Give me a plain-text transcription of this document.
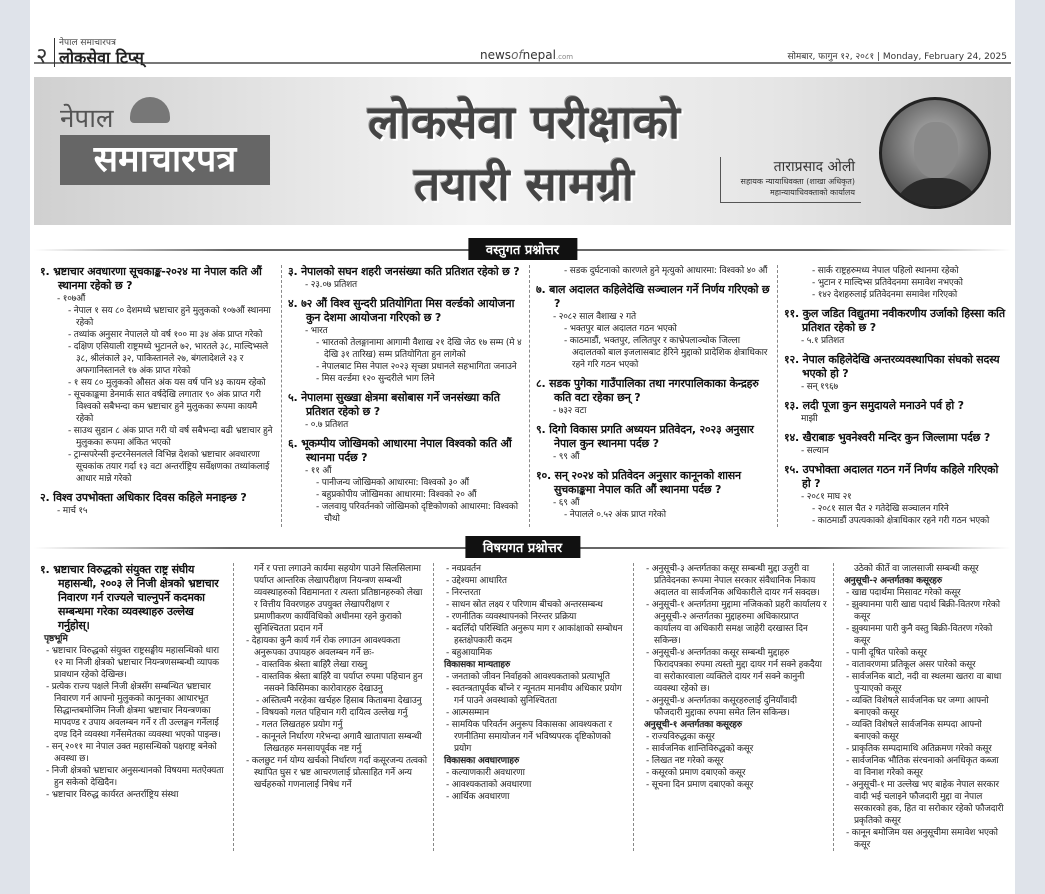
२
नेपाल समाचारपत्र
लोकसेवा टिप्स्	newsofnepal.com	सोमबार, फागुन १२, २०८१ | Monday, February 24, 2025
नेपाल
समाचारपत्र
लोकसेवा परीक्षाको
तयारी सामग्री	ताराप्रसाद ओली
सहायक न्यायाधिवक्ता (शाखा अधिकृत)
महान्यायाधिवक्ताको कार्यालय
वस्तुगत प्रश्नोत्तर
१. भ्रष्टाचार अवधारणा सूचकाङ्क-२०२४ मा नेपाल कति औं स्थानमा रहेको छ ?
- १०७औं
- नेपाल १ सय ८० देशमध्ये भ्रष्टाचार हुने मुलुकको १०७औं स्थानमा रहेको
- तथ्यांक अनुसार नेपालले यो वर्ष १०० मा ३४ अंक प्राप्त गरेको
- दक्षिण एसियाली राष्ट्रमध्ये भुटानले ७२, भारतले ३८, माल्दिभ्सले ३८, श्रीलंकाले ३२, पाकिस्तानले २७, बंगलादेशले २३ र अफगानिस्तानले १७ अंक प्राप्त गरेको
- १ सय ८० मुलुकको औसत अंक यस वर्ष पनि ४३ कायम रहेको
- सूचकाङ्कमा डेनमार्क सात वर्षदेखि लगातार ९० अंक प्राप्त गरी विश्वको सबैभन्दा कम भ्रष्टाचार हुने मुलुकका रूपमा कायमै रहेको
- साउथ सुडान ८ अंक प्राप्त गरी यो वर्ष सबैभन्दा बढी भ्रष्टाचार हुने मुलुकका रूपमा अंकित भएको
- ट्रान्सपरेन्सी इन्टरनेसनलले विभिन्न देशको भ्रष्टाचार अवधारणा सूचकांक तयार गर्दा १३ वटा अन्तर्राष्ट्रिय सर्वेक्षणका तथ्यांकलाई आधार मान्ने गरेको
२. विश्व उपभोक्ता अधिकार दिवस कहिले मनाइन्छ ?
- मार्च १५
३. नेपालको सघन शहरी जनसंख्या कति प्रतिशत रहेको छ ?
- २३.०७ प्रतिशत
४. ७२ औं विश्व सुन्दरी प्रतियोगिता मिस वर्ल्डको आयोजना कुन देशमा आयोजना गरिएको छ ?
- भारत
- भारतको तेलङ्गानामा आगामी वैशाख २१ देखि जेठ १७ सम्म (मे ४ देखि ३१ तारिख) सम्म प्रतियोगिता हुन लागेको
- नेपालबाट मिस नेपाल २०२३ सृच्छा प्रधानले सहभागिता जनाउने
- मिस वर्ल्डमा १२० सुन्दरीले भाग लिने
५. नेपालमा सुख्खा क्षेत्रमा बसोबास गर्ने जनसंख्या कति प्रतिशत रहेको छ ?
- ०.७ प्रतिशत
६. भूकम्पीय जोखिमको आधारमा नेपाल विश्वको कति औं स्थानमा पर्दछ ?
- ११ औं
- पानीजन्य जोखिमको आधारमा: विश्वको ३० औं
- बहुप्रकोपीय जोखिमका आधारमा: विश्वको २० औं
- जलवायु परिवर्तनको जोखिमको दृष्टिकोणको आधारमा: विश्वको चौथो
- सडक दुर्घटनाको कारणले हुने मृत्युको आधारमा: विश्वको ४० औं
७. बाल अदालत कहिलेदेखि सञ्चालन गर्ने निर्णय गरिएको छ ?
- २०८२ साल वैशाख २ गते
- भक्तपुर बाल अदालत गठन भएको
- काठमाडौं, भक्तपुर, ललितपुर र काभ्रेपलाञ्चोक जिल्ला अदालतको बाल इजलासबाट हेरिने मुद्दाको प्रादेशिक क्षेत्राधिकार रहने गरि गठन भएको
८. सडक पुगेका गाउँपालिका तथा नगरपालिकाका केन्द्रहरु कति वटा रहेका छन् ?
- ७३२ वटा
९. दिगो विकास प्रगति अध्ययन प्रतिवेदन, २०२३ अनुसार नेपाल कुन स्थानमा पर्दछ ?
- ९९ औं
१०. सन् २०२४ को प्रतिवेदन अनुसार कानूनको शासन सुचकाङ्कमा नेपाल कति औं स्थानमा पर्दछ ?
- ६९ औं
- नेपालले ०.५२ अंक प्राप्त गरेको
- सार्क राष्ट्रहरुमध्य नेपाल पहिलो स्थानमा रहेको
- भुटान र माल्दिभ्स प्रतिवेदनमा समावेश नभएको
- १४२ देशहरुलाई प्रतिवेदनमा समावेश गरिएको
११. कुल जडित विद्युतमा नवीकरणीय उर्जाको हिस्सा कति प्रतिशत रहेको छ ?
- ५.१ प्रतिशत
१२. नेपाल कहिलेदेखि अन्तरव्यवस्थापिका संघको सदस्य भएको हो ?
- सन् १९६७
१३. लदी पूजा कुन समुदायले मनाउने पर्व हो ?
माझी
१४. खैराबाङ भुवनेश्वरी मन्दिर कुन जिल्लामा पर्दछ ?
- सल्यान
१५. उपभोक्ता अदालत गठन गर्ने निर्णय कहिले गरिएको हो ?
- २०८१ माघ २१
- २०८१ साल चैत २ गतेदेखि सञ्चालन गरिने
- काठमाडौं उपत्यकाको क्षेत्राधिकार रहने गरी गठन भएको
विषयगत प्रश्नोत्तर
१. भ्रष्टाचार विरुद्धको संयुक्त राष्ट्र संघीय महासन्धी, २००३ ले निजी क्षेत्रको भ्रष्टाचार निवारण गर्न राज्यले चाल्नुपर्ने कदमका सम्बन्धमा गरेका व्यवस्थाहरु उल्लेख गर्नुहोस्।
पृष्ठभूमि
- भ्रष्टाचार विरुद्धको संयुक्त राष्ट्रसङ्घीय महासन्धिको धारा १२ मा निजी क्षेत्रको भ्रष्टाचार नियन्त्रणसम्बन्धी व्यापक प्रावधान रहेको देखिन्छ।
- प्रत्येक राज्य पक्षले निजी क्षेत्रसँग सम्बन्धित भ्रष्टाचार निवारण गर्न आफ्नो मुलुकको कानूनका आधारभूत सिद्धान्तबमोजिम निजी क्षेत्रमा भ्रष्टाचार नियन्त्रणका मापदण्ड र उपाय अवलम्बन गर्ने र ती उल्लङ्घन गर्नेलाई दण्ड दिने व्यवस्था गर्नेसमेतका व्यवस्था भएको पाइन्छ।
- सन् २०११ मा नेपाल उक्त महासन्धिको पक्षराष्ट्र बनेको अवस्था छ।
- निजी क्षेत्रको भ्रष्टाचार अनुसन्धानको विषयमा मतऐक्यता हुन सकेको देखिदैन।
- भ्रष्टाचार विरुद्ध कार्यरत अन्तर्राष्ट्रिय संस्था
गर्ने र पत्ता लगाउने कार्यमा सहयोग पाउने सिलसिलामा पर्याप्त आन्तरिक लेखापरीक्षण नियन्त्रण सम्बन्धी व्यवस्थाहरुको विद्यमानता र त्यस्ता प्रतिष्ठानहरुको लेखा र वित्तीय विवरणहरु उपयुक्त लेखापरीक्षण र प्रमाणीकरण कार्यविधिको अधीनमा रहने कुराको सुनिश्चितता प्रदान गर्ने
- देहायका कुनै कार्य गर्न रोक लगाउन आवश्यकता अनुरूपका उपायहरु अवलम्बन गर्ने छः-
- वास्तविक श्रेस्ता बाहिरै लेखा राख्नु
- वास्तविक श्रेस्ता बाहिरै वा पर्याप्त रुपमा पहिचान हुन नसक्ने किसिमका कारोवारहरु देखाउनु
- अस्तित्वमै नरहेका खर्चहरु हिसाब किताबमा देखाउनु
- विषयको गलत पहिचान गरी दायित्व उल्लेख गर्नु
- गलत लिखतहरु प्रयोग गर्नु
- कानूनले निर्धारण गरेभन्दा अगावै खातापाता सम्बन्धी लिखतहरु मनसायपूर्वक नष्ट गर्नु
- कलछुट गर्न योग्य खर्चको निर्धारण गर्दा कसूरजन्य तत्वको स्थापित घुस र भ्रष्ट आचरणलाई प्रोत्साहित गर्ने अन्य खर्चहरुको गणनालाई निषेध गर्ने
- नवप्रवर्तन
- उद्देश्यमा आधारित
- निरन्तरता
- साधन स्रोत लक्ष्य र परिणाम बीचको अन्तरसम्बन्ध
- रणनीतिक व्यवस्थापनको निरन्तर प्रक्रिया
- बदलिँदो परिस्थिति अनुरूप माग र आकांक्षाको सम्बोधन हस्तक्षेपकारी कदम
- बहुआयामिक
विकासका मान्यताहरु
- जनताको जीवन निर्वाहको आवश्यकताको प्रत्याभूति
- स्वतन्त्रतापूर्वक बाँच्ने र न्यूनतम मानवीय अधिकार प्रयोग गर्न पाउने अवस्थाको सुनिश्चितता
- आत्मसम्मान
- सामयिक परिवर्तन अनुरूप विकासका आवश्यकता र रणनीतिमा समायोजन गर्ने भविष्यपरक दृष्टिकोणको प्रयोग
विकासका अवधारणाहरु
- कल्याणकारी अवधारणा
- आवश्यकताको अवधारणा
- आर्थिक अवधारणा
- अनुसूची-३ अन्तर्गतका कसूर सम्बन्धी मुद्दा उजुरी वा प्रतिवेदनका रूपमा नेपाल सरकार संवैधानिक निकाय अदालत वा सार्वजनिक अधिकारीले दायर गर्न सक्दछ।
- अनुसूची-१ अन्तर्गतमा मुद्दामा नजिकको प्रहरी कार्यालय र अनुसूची-२ अन्तर्गतका मुद्दाहरुमा अधिकारप्राप्त कार्यालय वा अधिकारी समक्ष जाहेरी दरखास्त दिन सकिन्छ।
- अनुसूची-४ अन्तर्गतका कसूर सम्बन्धी मुद्दाहरु फिरादपत्रका रुपमा त्यस्तो मुद्दा दायर गर्न सक्ने हकदैया वा सरोकारवाला व्यक्तिले दायर गर्न सक्ने कानुनी व्यवस्था रहेको छ।
- अनुसूची-४ अन्तर्गतका कसूरहरुलाई दुनियाँवादी फौजदारी मुद्दाका रुपमा समेत लिन सकिन्छ।
अनुसूची-१ अन्तर्गतका कसूरहरु
- राज्यविरुद्धका कसूर
- सार्वजनिक शान्तिविरुद्धको कसूर
- लिखत नष्ट गरेको कसूर
- कसूरको प्रमाण दबाएको कसूर
- सूचना दिन प्रमाण दबाएको कसूर
उठेको कीर्ते वा जालसाजी सम्बन्धी कसूर
अनुसूची-२ अन्तर्गतका कसूरहरु
- खाद्य पदार्थमा मिसावट गरेको कसूर
- झुक्यानमा पारी खाद्य पदार्थ बिक्री-वितरण गरेको कसूर
- झुक्यानमा पारी कुनै वस्तु बिक्री-वितरण गरेको कसूर
- पानी दूषित पारेको कसूर
- वातावरणमा प्रतिकूल असर पारेको कसूर
- सार्वजनिक बाटो, नदी वा स्थलमा खतरा वा बाधा पुर्‍याएको कसूर
- व्यक्ति विशेषले सार्वजनिक घर जग्गा आफ्नो बनाएको कसूर
- व्यक्ति विशेषले सार्वजनिक सम्पदा आफ्नो बनाएको कसूर
- प्राकृतिक सम्पदामाथि अतिक्रमण गरेको कसूर
- सार्वजनिक भौतिक संरचनाको अनधिकृत कब्जा वा विनाश गरेको कसूर
- अनुसूची-१ मा उल्लेख भए बाहेक नेपाल सरकार वादी भई चलाइने फौजदारी मुद्दा वा नेपाल सरकारको हक, हित वा सरोकार रहेको फौजदारी प्रकृतिको कसूर
- कानून बमोजिम यस अनुसूचीमा समावेश भएको कसूर
